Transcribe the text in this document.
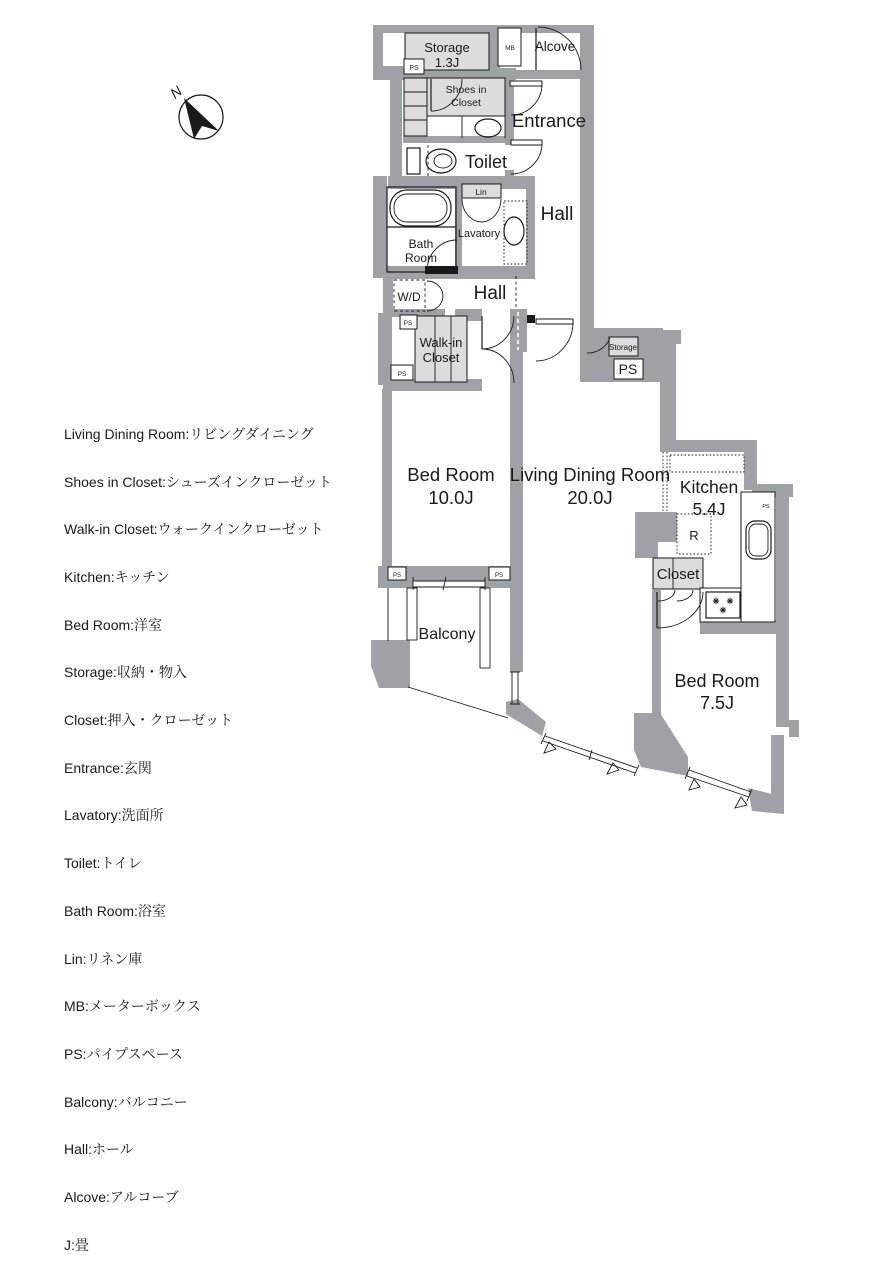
N
Storage
1.3J
MB Alcove
PS
Shoes in
Closet
Entrance
Toilet
Hall
Lin
Lavatory
Bath
Room
W/D	Hall
Walk-in
Closet
PS
PS
Storage
PS
Bed Room
10.0J
Living Dining Room
20.0J	Kitchen
5.4J
R
PS
PS	PS	Closet
Balcony
Bed Room
7.5J

Living Dining Room:リビングダイニング

Shoes in Closet:シューズインクローゼット

Walk-in Closet:ウォークインクローゼット

Kitchen:キッチン

Bed Room:洋室

Storage:収納・物入

Closet:押入・クローゼット

Entrance:玄関

Lavatory:洗面所

Toilet:トイレ

Bath Room:浴室

Lin:リネン庫

MB:メーターボックス

PS:パイプスペース

Balcony:バルコニー

Hall:ホール

Alcove:アルコーブ

J:畳
